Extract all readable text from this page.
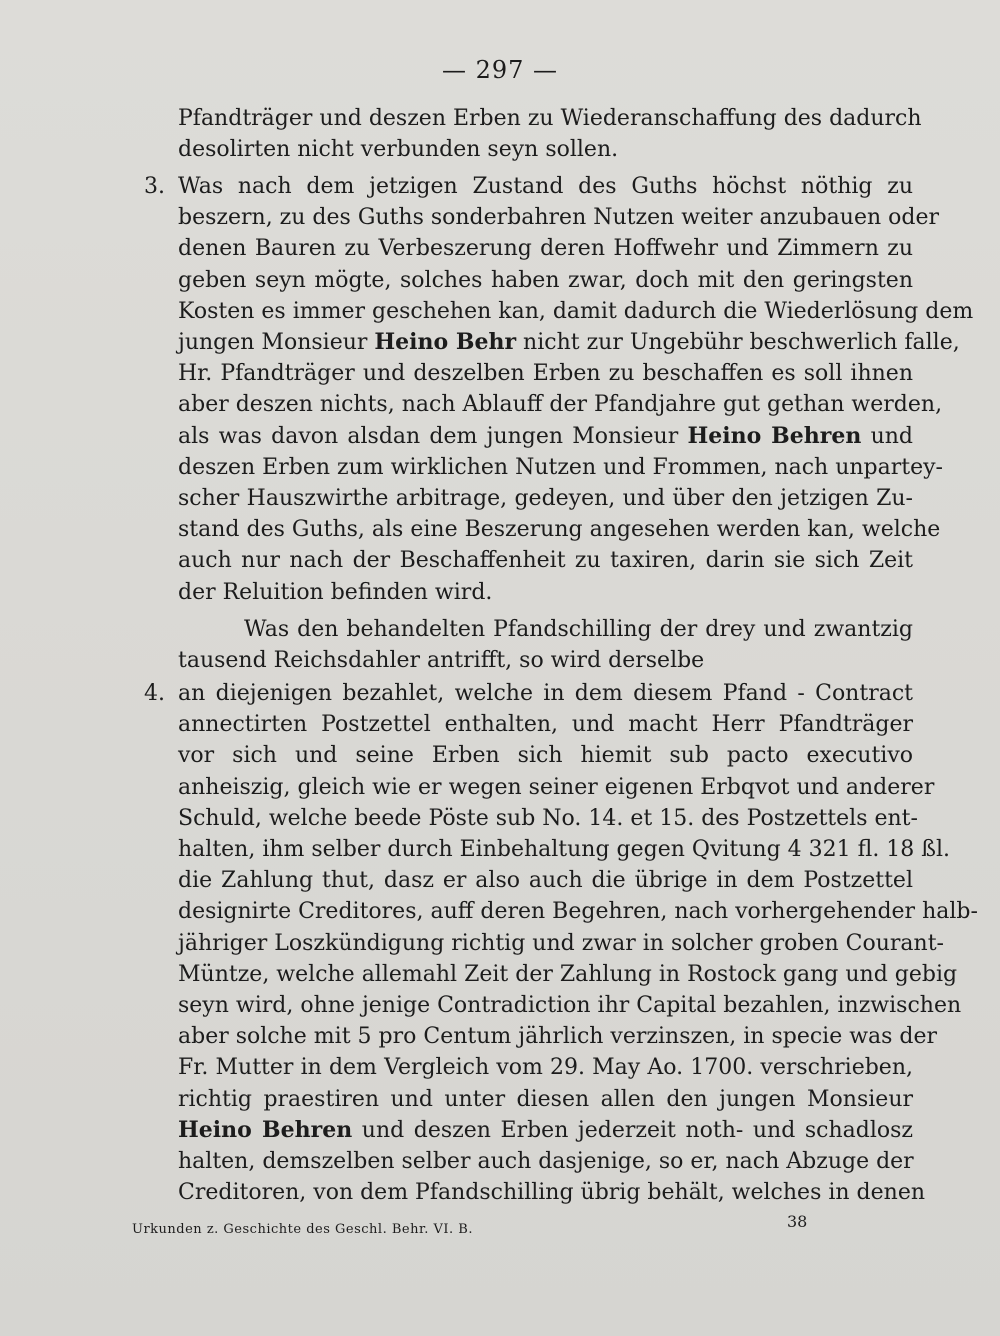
— 297 —
Pfandträger und deszen Erben zu Wiederanschaffung des dadurch
desolirten nicht verbunden seyn sollen.
3. Was nach dem jetzigen Zustand des Guths höchst nöthig zu
beszern, zu des Guths sonderbahren Nutzen weiter anzubauen oder
denen Bauren zu Verbeszerung deren Hoffwehr und Zimmern zu
geben seyn mögte, solches haben zwar, doch mit den geringsten
Kosten es immer geschehen kan, damit dadurch die Wiederlösung dem
jungen Monsieur Heino Behr nicht zur Ungebühr beschwerlich falle,
Hr. Pfandträger und deszelben Erben zu beschaffen es soll ihnen
aber deszen nichts, nach Ablauff der Pfandjahre gut gethan werden,
als was davon alsdan dem jungen Monsieur Heino Behren und
deszen Erben zum wirklichen Nutzen und Frommen, nach unpartey-
scher Hauszwirthe arbitrage, gedeyen, und über den jetzigen Zu-
stand des Guths, als eine Beszerung angesehen werden kan, welche
auch nur nach der Beschaffenheit zu taxiren, darin sie sich Zeit
der Reluition befinden wird.
Was den behandelten Pfandschilling der drey und zwantzig
tausend Reichsdahler antrifft, so wird derselbe
4. an diejenigen bezahlet, welche in dem diesem Pfand - Contract
annectirten Postzettel enthalten, und macht Herr Pfandträger
vor sich und seine Erben sich hiemit sub pacto executivo
anheiszig, gleich wie er wegen seiner eigenen Erbqvot und anderer
Schuld, welche beede Pöste sub No. 14. et 15. des Postzettels ent-
halten, ihm selber durch Einbehaltung gegen Qvitung 4 321 fl. 18 ßl.
die Zahlung thut, dasz er also auch die übrige in dem Postzettel
designirte Creditores, auff deren Begehren, nach vorhergehender halb-
jähriger Loszkündigung richtig und zwar in solcher groben Courant-
Müntze, welche allemahl Zeit der Zahlung in Rostock gang und gebig
seyn wird, ohne jenige Contradiction ihr Capital bezahlen, inzwischen
aber solche mit 5 pro Centum jährlich verzinszen, in specie was der
Fr. Mutter in dem Vergleich vom 29. May Ao. 1700. verschrieben,
richtig praestiren und unter diesen allen den jungen Monsieur
Heino Behren und deszen Erben jederzeit noth- und schadlosz
halten, demszelben selber auch dasjenige, so er, nach Abzuge der
Creditoren, von dem Pfandschilling übrig behält, welches in denen
Urkunden z. Geschichte des Geschl. Behr. VI. B.	38
